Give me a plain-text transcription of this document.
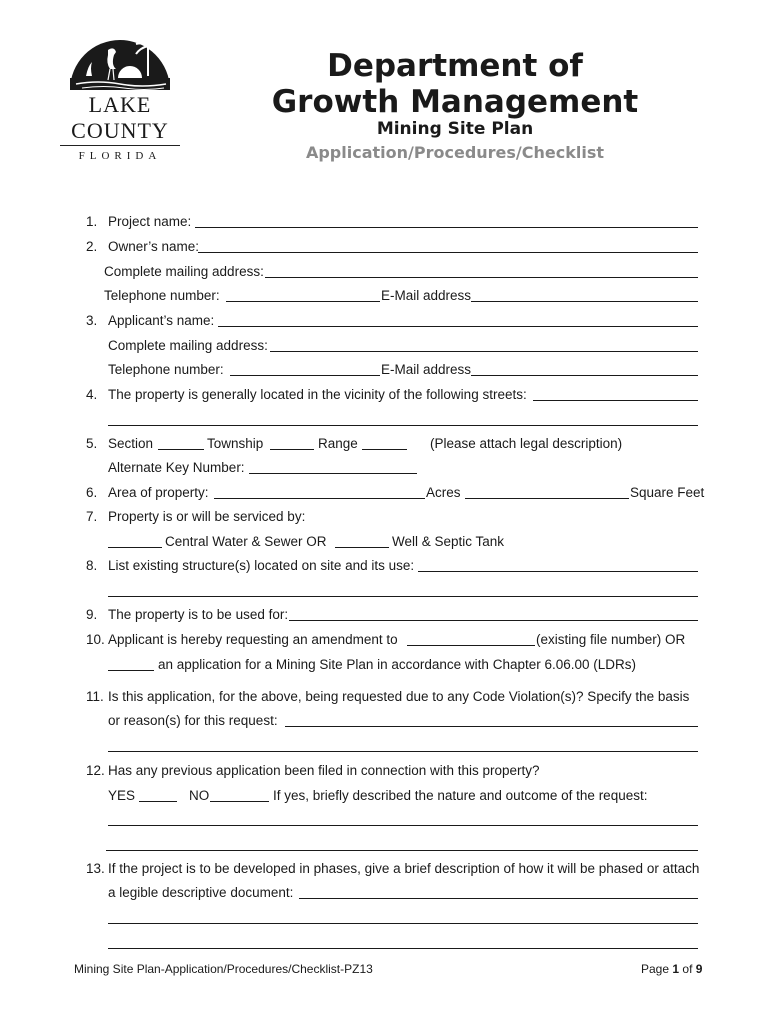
LAKE
COUNTY
FLORIDA
Department of
Growth Management
Mining Site Plan
Application/Procedures/Checklist
1. Project name:
2. Owner’s name:
Complete mailing address:
Telephone number:	E-Mail address
3. Applicant’s name:
Complete mailing address:
Telephone number:	E-Mail address
4. The property is generally located in the vicinity of the following streets:
5. Section	Township	Range	(Please attach legal description)
Alternate Key Number:
6. Area of property:	Acres	Square Feet
7. Property is or will be serviced by:
Central Water & Sewer OR	Well & Septic Tank
8. List existing structure(s) located on site and its use:
9. The property is to be used for:
10. Applicant is hereby requesting an amendment to	(existing file number) OR
an application for a Mining Site Plan in accordance with Chapter 6.06.00 (LDRs)
11. Is this application, for the above, being requested due to any Code Violation(s)? Specify the basis
or reason(s) for this request:
12. Has any previous application been filed in connection with this property?
YES	NO	If yes, briefly described the nature and outcome of the request:
13. If the project is to be developed in phases, give a brief description of how it will be phased or attach
a legible descriptive document:
Mining Site Plan-Application/Procedures/Checklist-PZ13	Page 1 of 9
